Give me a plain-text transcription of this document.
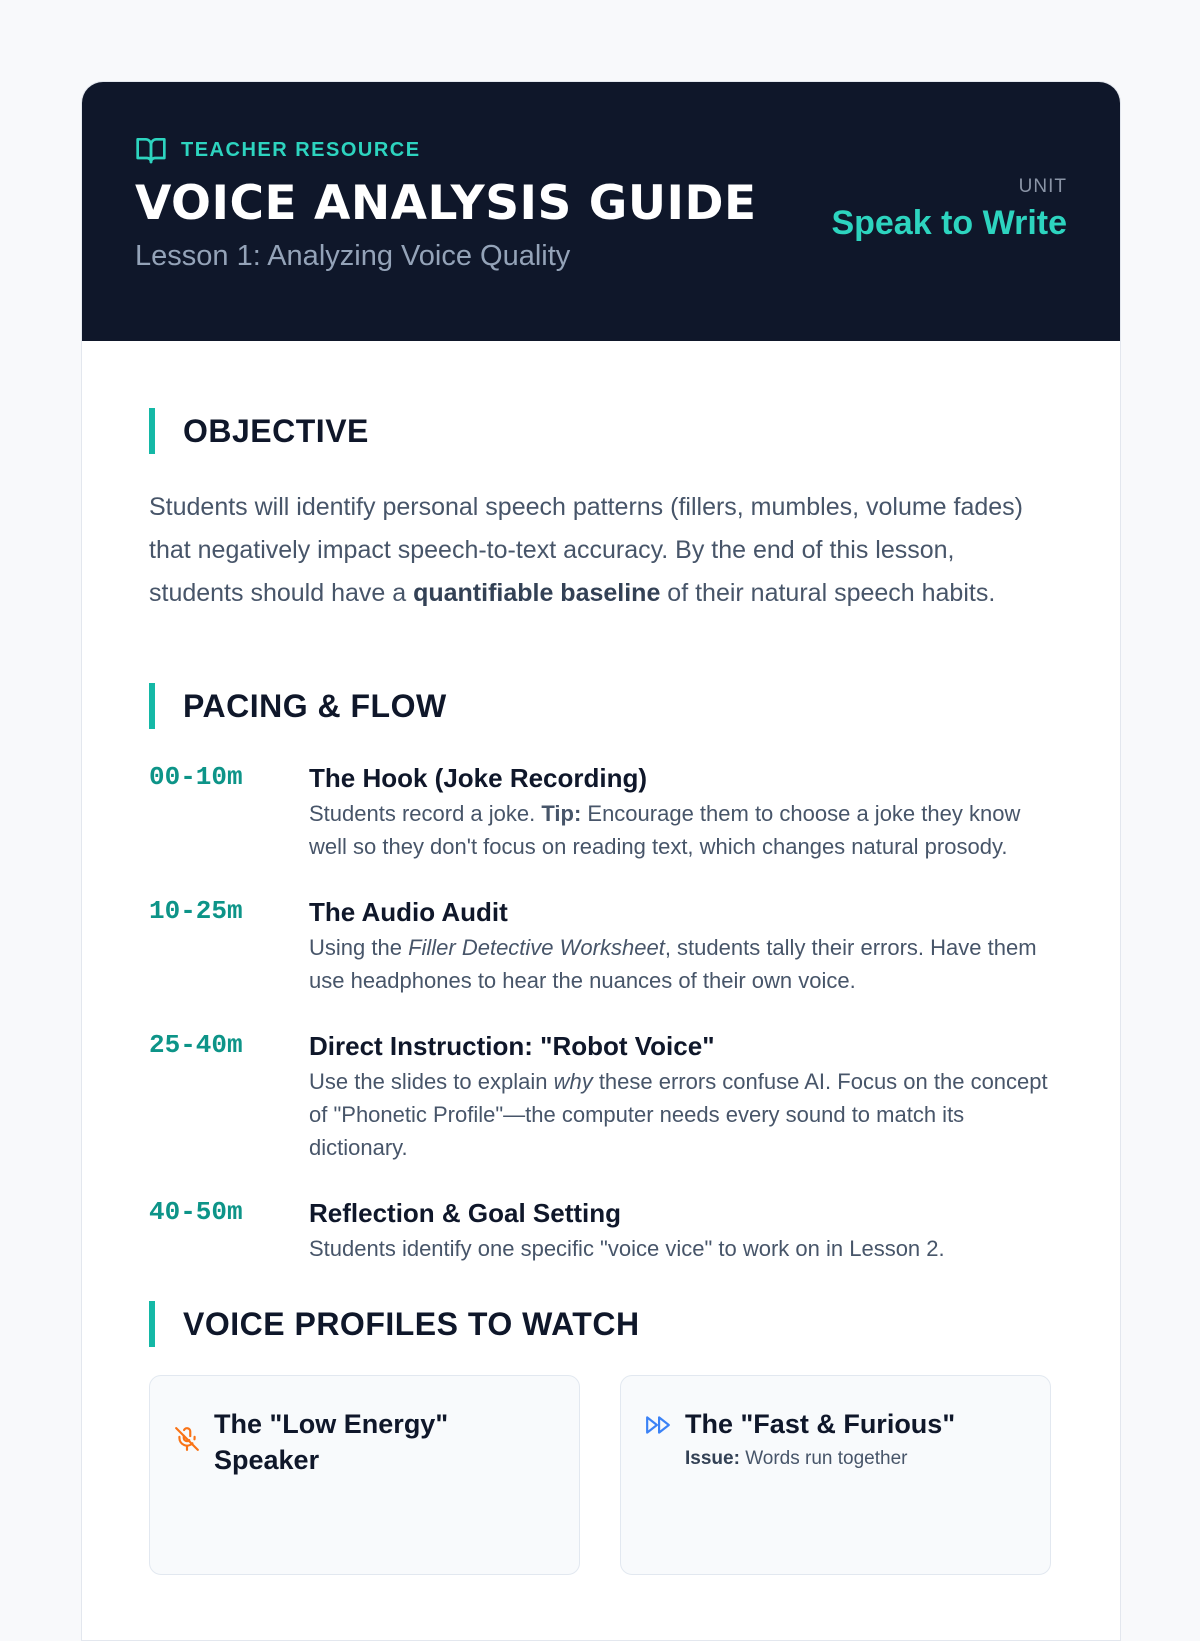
TEACHER RESOURCE
VOICE ANALYSIS GUIDE
Lesson 1: Analyzing Voice Quality
UNIT
Speak to Write
OBJECTIVE

Students will identify personal speech patterns (fillers, mumbles, volume fades) that negatively impact speech-to-text accuracy. By the end of this lesson, students should have a quantifiable baseline of their natural speech habits.

PACING & FLOW
00-10m	The Hook (Joke Recording)
Students record a joke. Tip: Encourage them to choose a joke they know well so they don't focus on reading text, which changes natural prosody.
10-25m	The Audio Audit
Using the Filler Detective Worksheet, students tally their errors. Have them use headphones to hear the nuances of their own voice.
25-40m	Direct Instruction: "Robot Voice"
Use the slides to explain why these errors confuse AI. Focus on the concept of "Phonetic Profile"—the computer needs every sound to match its dictionary.
40-50m	Reflection & Goal Setting
Students identify one specific "voice vice" to work on in Lesson 2.
VOICE PROFILES TO WATCH
The "Low Energy" Speaker
The "Fast & Furious"
Issue: Words run together
